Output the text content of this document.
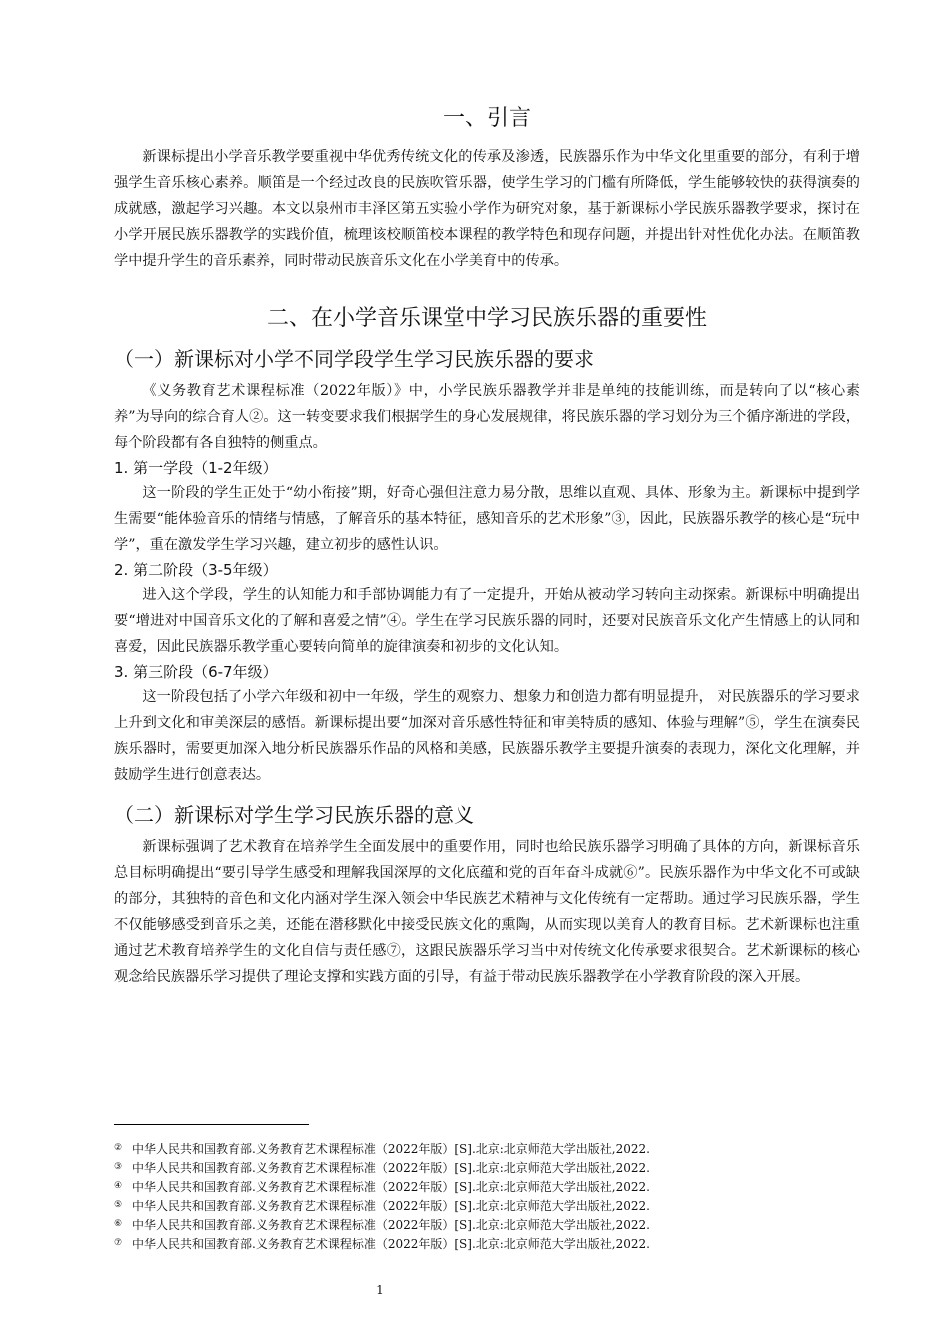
一、引言

新课标提出小学音乐教学要重视中华优秀传统文化的传承及渗透，民族器乐作为中华文化里重要的部分，有利于增强学生音乐核心素养。顺笛是一个经过改良的民族吹管乐器，使学生学习的门槛有所降低，学生能够较快的获得演奏的成就感，激起学习兴趣。本文以泉州市丰泽区第五实验小学作为研究对象，基于新课标小学民族乐器教学要求，探讨在小学开展民族乐器教学的实践价值，梳理该校顺笛校本课程的教学特色和现存问题，并提出针对性优化办法。在顺笛教学中提升学生的音乐素养，同时带动民族音乐文化在小学美育中的传承。

二、在小学音乐课堂中学习民族乐器的重要性
（一）新课标对小学不同学段学生学习民族乐器的要求

《义务教育艺术课程标准（2022年版）》中，小学民族乐器教学并非是单纯的技能训练，而是转向了以“核心素养”为导向的综合育人②。这一转变要求我们根据学生的身心发展规律，将民族乐器的学习划分为三个循序渐进的学段，每个阶段都有各自独特的侧重点。

1. 第一学段（1-2年级）

这一阶段的学生正处于“幼小衔接”期，好奇心强但注意力易分散，思维以直观、具体、形象为主。新课标中提到学生需要“能体验音乐的情绪与情感，了解音乐的基本特征，感知音乐的艺术形象”③，因此，民族器乐教学的核心是“玩中学”，重在激发学生学习兴趣，建立初步的感性认识。

2. 第二阶段（3-5年级）

进入这个学段，学生的认知能力和手部协调能力有了一定提升，开始从被动学习转向主动探索。新课标中明确提出要“增进对中国音乐文化的了解和喜爱之情”④。学生在学习民族乐器的同时，还要对民族音乐文化产生情感上的认同和喜爱，因此民族器乐教学重心要转向简单的旋律演奏和初步的文化认知。

3. 第三阶段（6-7年级）

这一阶段包括了小学六年级和初中一年级，学生的观察力、想象力和创造力都有明显提升， 对民族器乐的学习要求上升到文化和审美深层的感悟。新课标提出要“加深对音乐感性特征和审美特质的感知、体验与理解”⑤，学生在演奏民族乐器时，需要更加深入地分析民族器乐作品的风格和美感，民族器乐教学主要提升演奏的表现力，深化文化理解，并鼓励学生进行创意表达。

（二）新课标对学生学习民族乐器的意义

新课标强调了艺术教育在培养学生全面发展中的重要作用，同时也给民族乐器学习明确了具体的方向，新课标音乐总目标明确提出“要引导学生感受和理解我国深厚的文化底蕴和党的百年奋斗成就⑥”。民族乐器作为中华文化不可或缺的部分，其独特的音色和文化内涵对学生深入领会中华民族艺术精神与文化传统有一定帮助。通过学习民族乐器，学生不仅能够感受到音乐之美，还能在潜移默化中接受民族文化的熏陶，从而实现以美育人的教育目标。艺术新课标也注重通过艺术教育培养学生的文化自信与责任感⑦，这跟民族器乐学习当中对传统文化传承要求很契合。艺术新课标的核心观念给民族器乐学习提供了理论支撑和实践方面的引导，有益于带动民族乐器教学在小学教育阶段的深入开展。

② 中华人民共和国教育部.义务教育艺术课程标准（2022年版）[S].北京:北京师范大学出版社,2022.
③ 中华人民共和国教育部.义务教育艺术课程标准（2022年版）[S].北京:北京师范大学出版社,2022.
④ 中华人民共和国教育部.义务教育艺术课程标准（2022年版）[S].北京:北京师范大学出版社,2022.
⑤ 中华人民共和国教育部.义务教育艺术课程标准（2022年版）[S].北京:北京师范大学出版社,2022.
⑥ 中华人民共和国教育部.义务教育艺术课程标准（2022年版）[S].北京:北京师范大学出版社,2022.
⑦ 中华人民共和国教育部.义务教育艺术课程标准（2022年版）[S].北京:北京师范大学出版社,2022.
1
